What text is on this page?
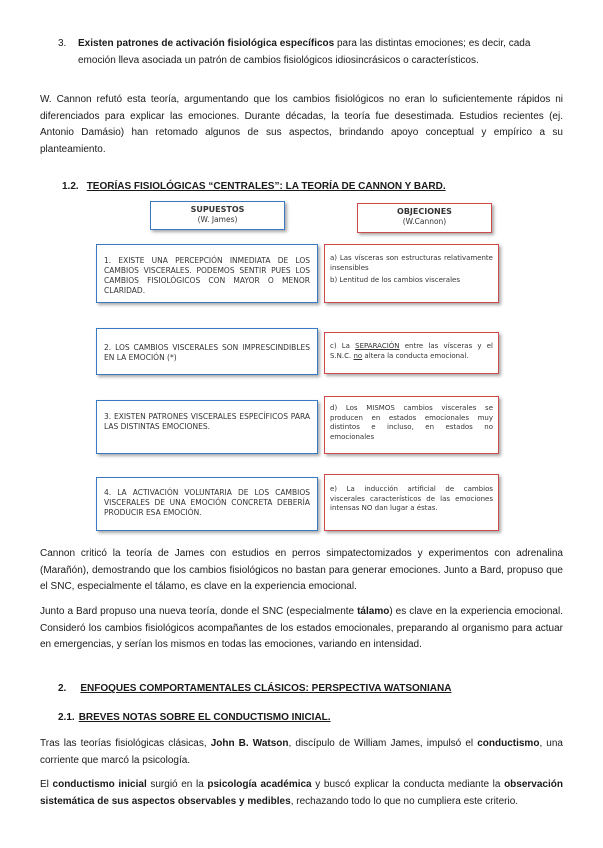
3. Existen patrones de activación fisiológica específicos para las distintas emociones; es decir, cada
emoción lleva asociada un patrón de cambios fisiológicos idiosincrásicos o característicos.

W. Cannon refutó esta teoría, argumentando que los cambios fisiológicos no eran lo suficientemente rápidos ni diferenciados para explicar las emociones. Durante décadas, la teoría fue desestimada. Estudios recientes (ej. Antonio Damásio) han retomado algunos de sus aspectos, brindando apoyo conceptual y empírico a su planteamiento.

1.2. TEORÍAS FISIOLÓGICAS “CENTRALES”: LA TEORÍA DE CANNON Y BARD.

SUPUESTOS
(W. James)
OBJECIONES
(W.Cannon)
1. EXISTE UNA PERCEPCIÓN INMEDIATA DE LOS CAMBIOS VISCERALES. PODEMOS SENTIR PUES LOS CAMBIOS FISIOLÓGICOS CON MAYOR O MENOR CLARIDAD.
2. LOS CAMBIOS VISCERALES SON IMPRESCINDIBLES EN LA EMOCIÓN (*)
3. EXISTEN PATRONES VISCERALES ESPECÍFICOS PARA LAS DISTINTAS EMOCIONES.
4. LA ACTIVACIÓN VOLUNTARIA DE LOS CAMBIOS VISCERALES DE UNA EMOCIÓN CONCRETA DEBERÍA PRODUCIR ESA EMOCIÓN.
a) Las vísceras son estructuras relativamente insensibles
b) Lentitud de los cambios viscerales
c) La SEPARACIÓN entre las vísceras y el S.N.C. no altera la conducta emocional.
d) Los MISMOS cambios viscerales se producen en estados emocionales muy distintos e incluso, en estados no emocionales
e) La inducción artificial de cambios viscerales característicos de las emociones intensas NO dan lugar a éstas.

Cannon criticó la teoría de James con estudios en perros simpatectomizados y experimentos con adrenalina (Marañón), demostrando que los cambios fisiológicos no bastan para generar emociones. Junto a Bard, propuso que el SNC, especialmente el tálamo, es clave en la experiencia emocional.

Junto a Bard propuso una nueva teoría, donde el SNC (especialmente tálamo) es clave en la experiencia emocional. Consideró los cambios fisiológicos acompañantes de los estados emocionales, preparando al organismo para actuar en emergencias, y serían los mismos en todas las emociones, variando en intensidad.

2. ENFOQUES COMPORTAMENTALES CLÁSICOS: PERSPECTIVA WATSONIANA

2.1. BREVES NOTAS SOBRE EL CONDUCTISMO INICIAL.

Tras las teorías fisiológicas clásicas, John B. Watson, discípulo de William James, impulsó el conductismo, una corriente que marcó la psicología.

El conductismo inicial surgió en la psicología académica y buscó explicar la conducta mediante la observación sistemática de sus aspectos observables y medibles, rechazando todo lo que no cumpliera este criterio.
